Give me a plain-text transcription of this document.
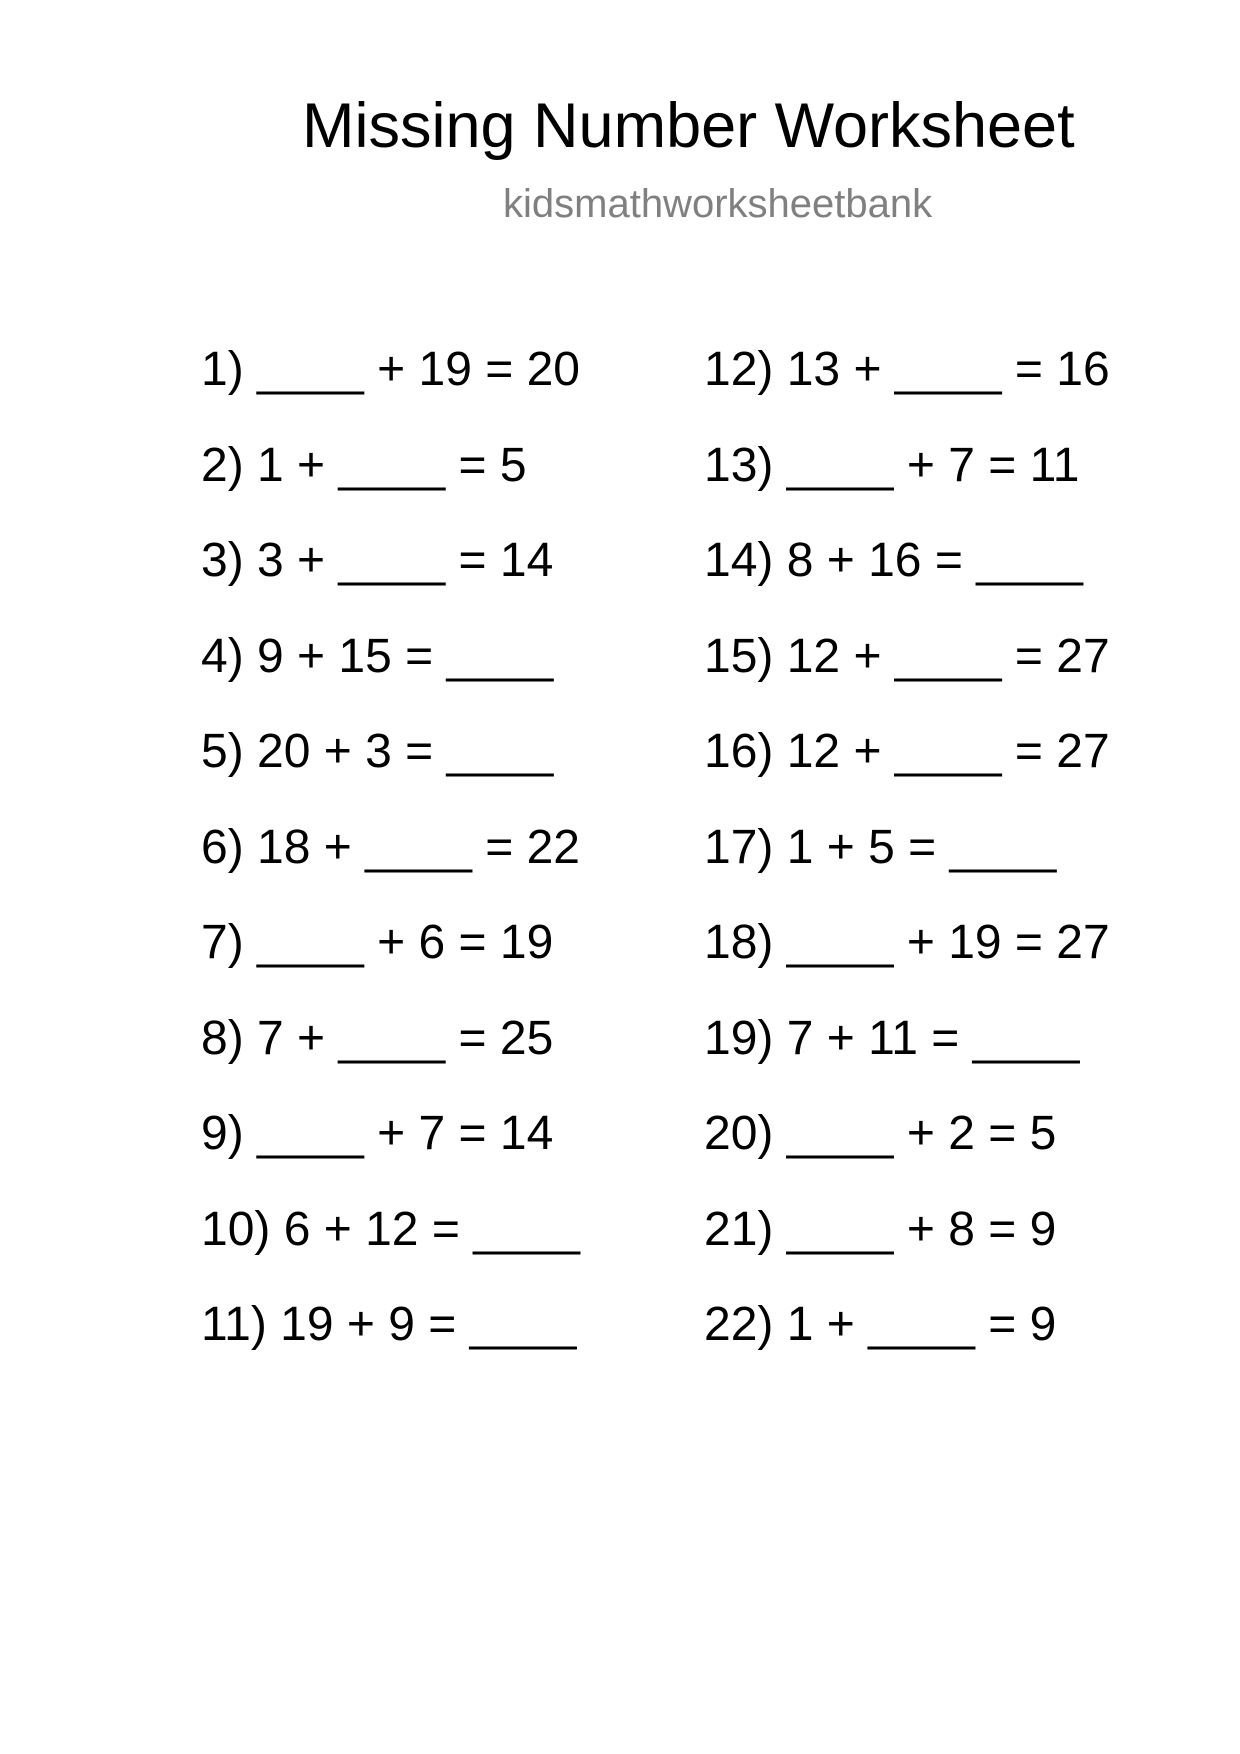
Missing Number Worksheet
kidsmathworksheetbank
1) ____ + 19 = 20
2) 1 + ____ = 5
3) 3 + ____ = 14
4) 9 + 15 = ____
5) 20 + 3 = ____
6) 18 + ____ = 22
7) ____ + 6 = 19
8) 7 + ____ = 25
9) ____ + 7 = 14
10) 6 + 12 = ____
11) 19 + 9 = ____
12) 13 + ____ = 16
13) ____ + 7 = 11
14) 8 + 16 = ____
15) 12 + ____ = 27
16) 12 + ____ = 27
17) 1 + 5 = ____
18) ____ + 19 = 27
19) 7 + 11 = ____
20) ____ + 2 = 5
21) ____ + 8 = 9
22) 1 + ____ = 9
